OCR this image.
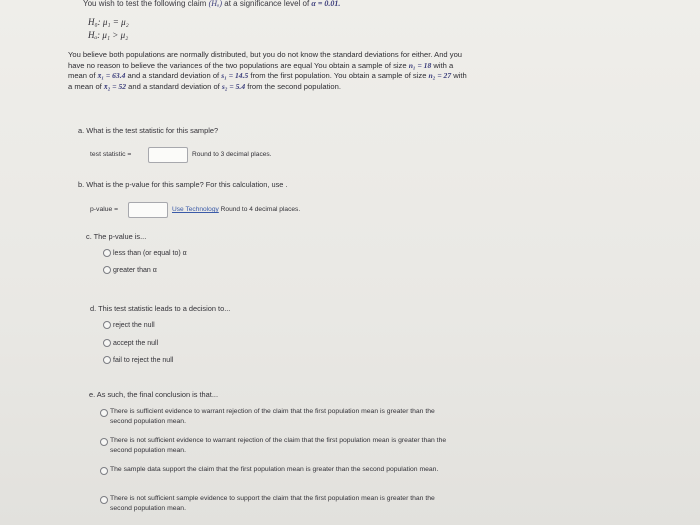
You wish to test the following claim (Hₐ) at a significance level of α = 0.01.
H₀: μ₁ = μ₂
Hₐ: μ₁ > μ₂
You believe both populations are normally distributed, but you do not know the standard deviations for either. And you have no reason to believe the variances of the two populations are equal You obtain a sample of size n₁ = 18 with a mean of x̄₁ = 63.4 and a standard deviation of s₁ = 14.5 from the first population. You obtain a sample of size n₂ = 27 with a mean of x̄₂ = 52 and a standard deviation of s₂ = 5.4 from the second population.
a. What is the test statistic for this sample?
test statistic =	Round to 3 decimal places.
b. What is the p-value for this sample? For this calculation, use .
p-value =	Use Technology Round to 4 decimal places.
c. The p-value is...
less than (or equal to) α
greater than α
d. This test statistic leads to a decision to...
reject the null
accept the null
fail to reject the null
e. As such, the final conclusion is that...
There is sufficient evidence to warrant rejection of the claim that the first population mean is greater than the second population mean.
There is not sufficient evidence to warrant rejection of the claim that the first population mean is greater than the second population mean.
The sample data support the claim that the first population mean is greater than the second population mean.
There is not sufficient sample evidence to support the claim that the first population mean is greater than the second population mean.
